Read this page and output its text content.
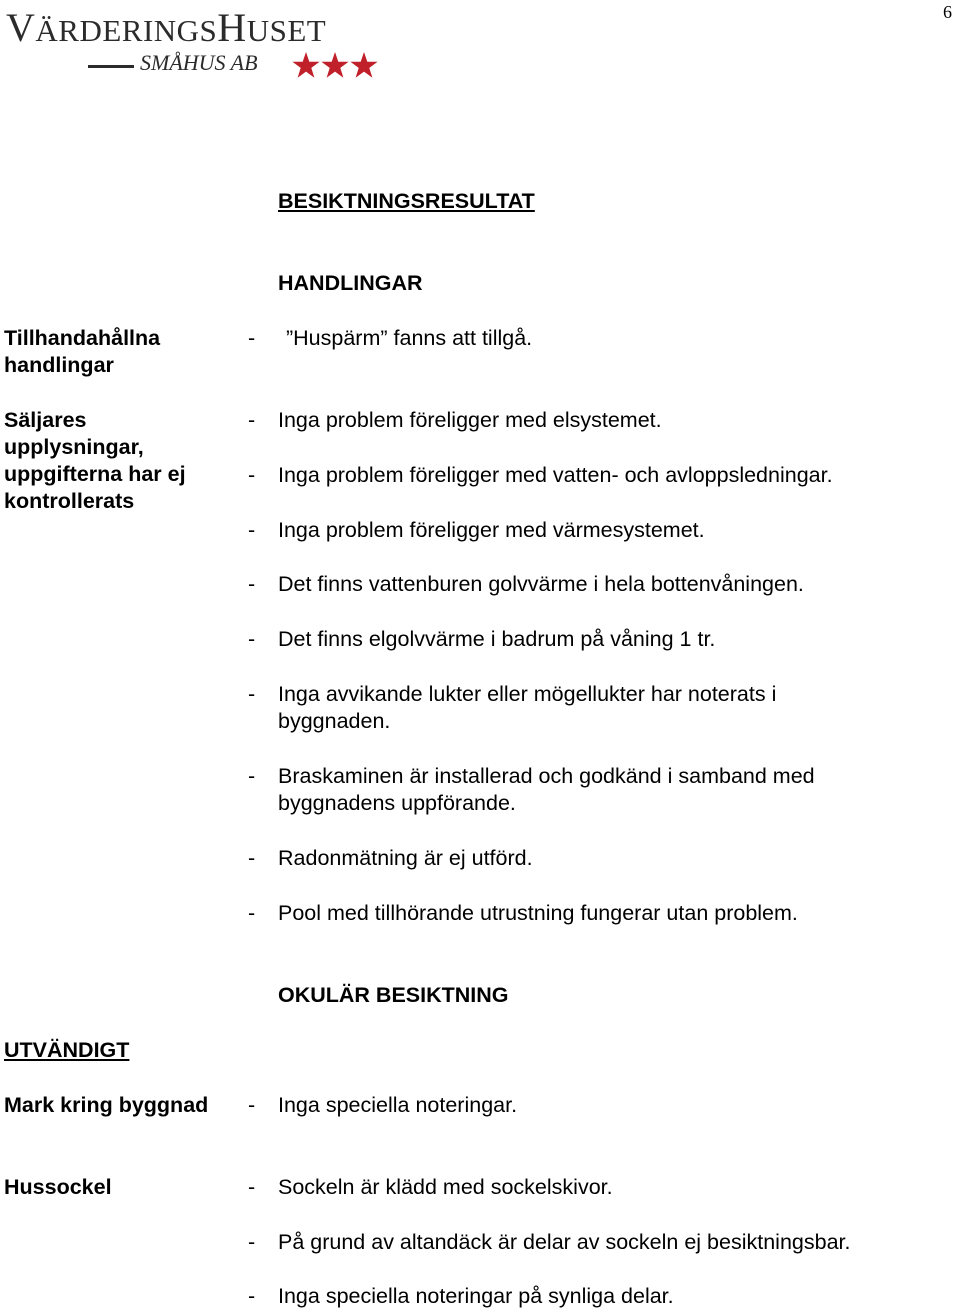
VÄRDERINGSHUSET
SMÅHUS AB
6
BESIKTNINGSRESULTAT
HANDLINGAR
Tillhandahållna
handlingar
- ”Huspärm” fanns att tillgå.
Säljares
upplysningar,
uppgifterna har ej
kontrollerats
- Inga problem föreligger med elsystemet.
- Inga problem föreligger med vatten- och avloppsledningar.
- Inga problem föreligger med värmesystemet.
- Det finns vattenburen golvvärme i hela bottenvåningen.
- Det finns elgolvvärme i badrum på våning 1 tr.
- Inga avvikande lukter eller mögellukter har noterats i byggnaden.
- Braskaminen är installerad och godkänd i samband med byggnadens uppförande.
- Radonmätning är ej utförd.
- Pool med tillhörande utrustning fungerar utan problem.
OKULÄR BESIKTNING
UTVÄNDIGT
Mark kring byggnad	- Inga speciella noteringar.
Hussockel	- Sockeln är klädd med sockelskivor.
- På grund av altandäck är delar av sockeln ej besiktningsbar.
- Inga speciella noteringar på synliga delar.
